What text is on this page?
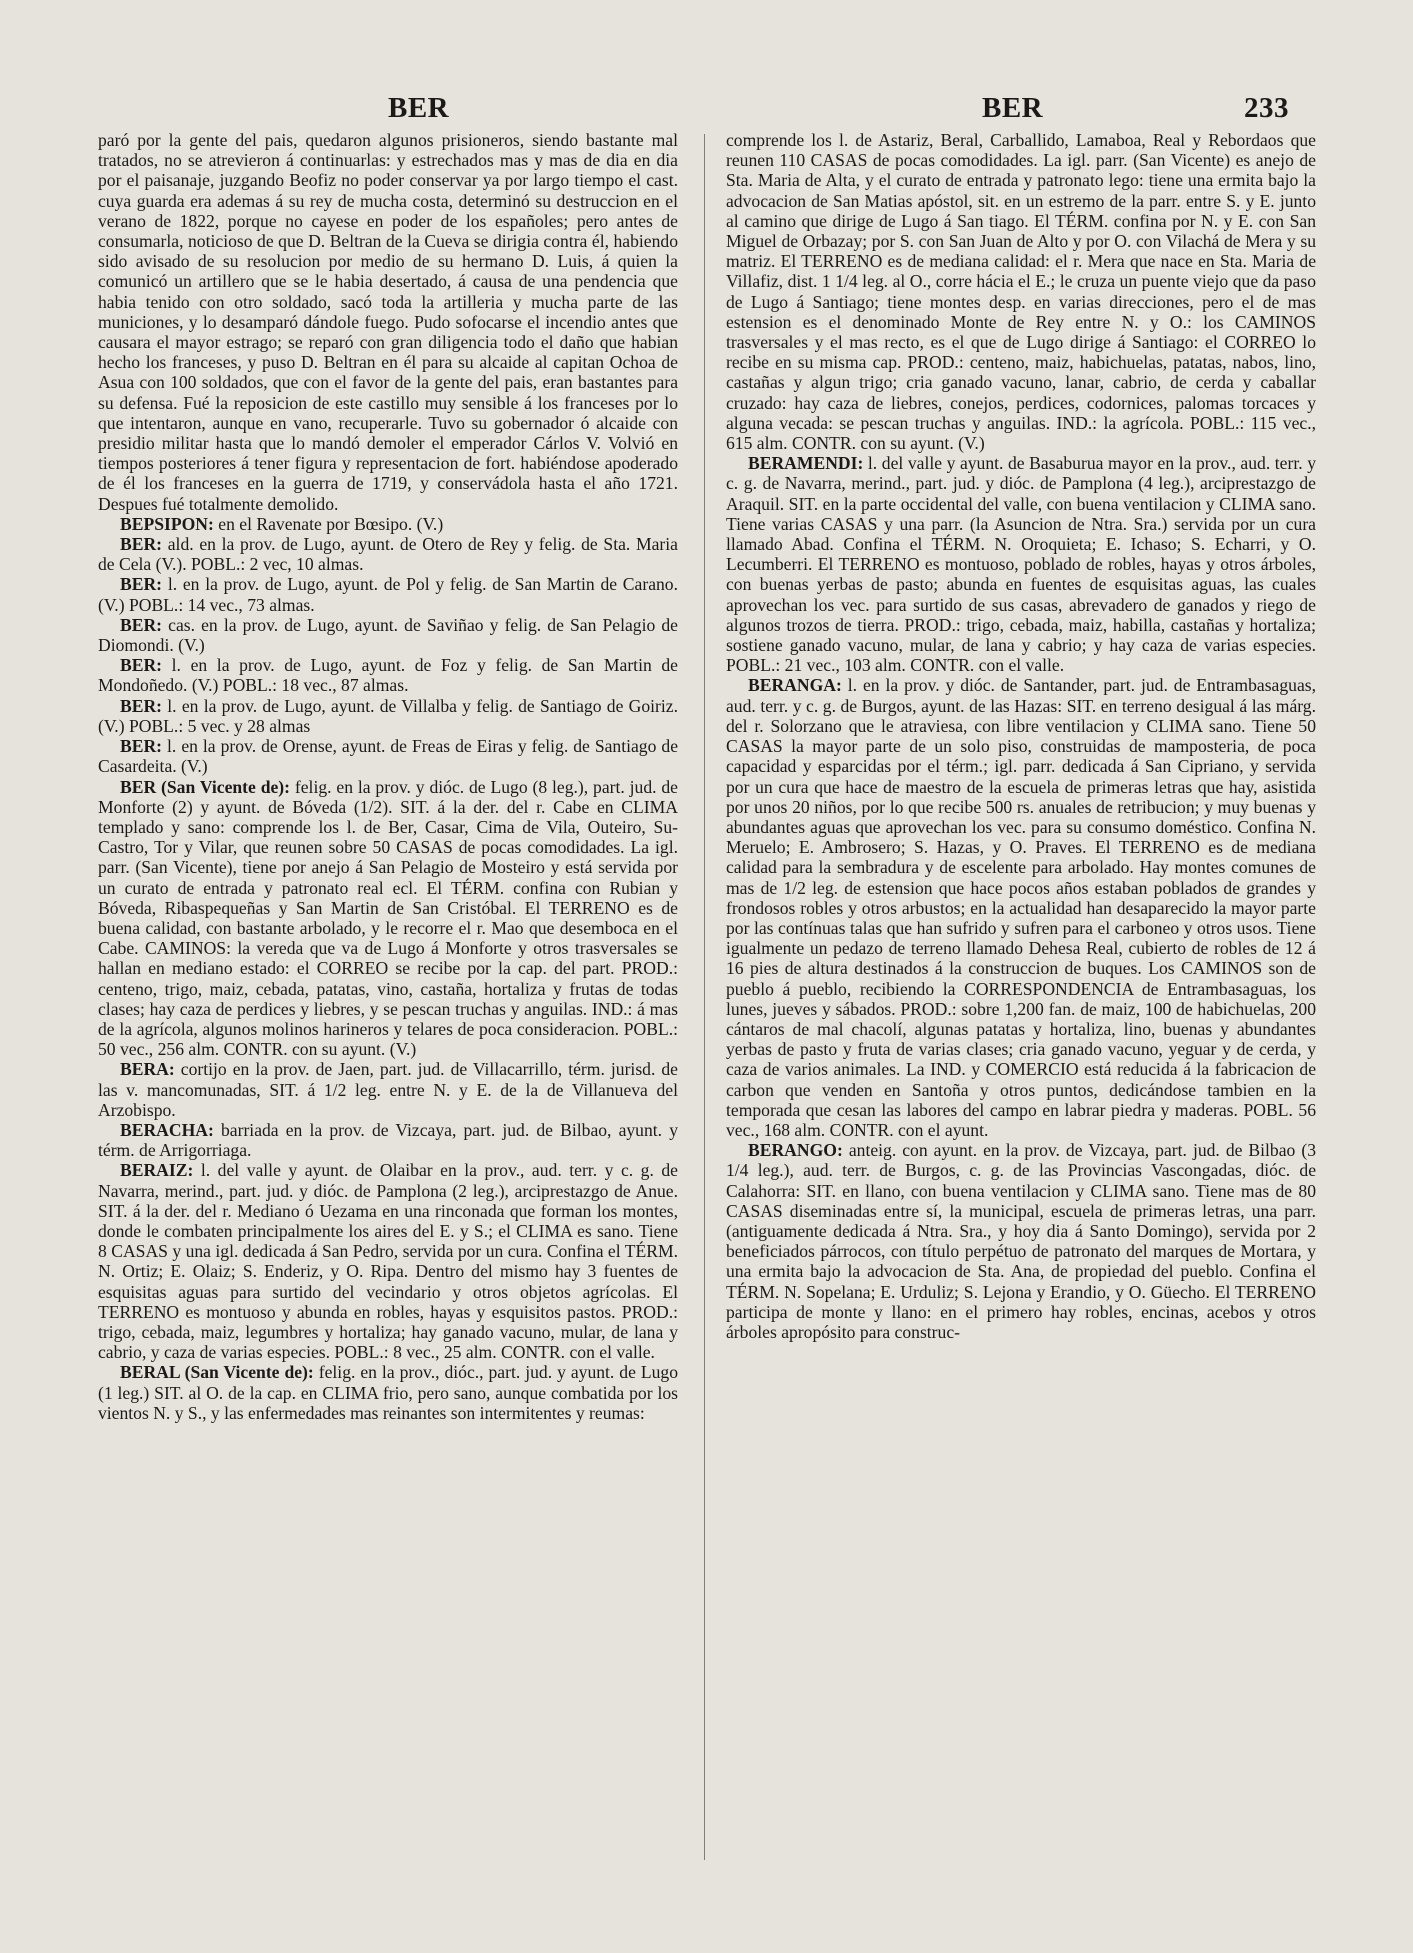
BER	BER	233

paró por la gente del pais, quedaron algunos prisioneros, siendo bastante mal tratados, no se atrevieron á continuarlas: y estrechados mas y mas de dia en dia por el paisanaje, juzgando Beofiz no poder conservar ya por largo tiempo el cast. cuya guarda era ademas á su rey de mucha costa, determinó su destruccion en el verano de 1822, porque no cayese en poder de los españoles; pero antes de consumarla, noticioso de que D. Beltran de la Cueva se dirigia contra él, habiendo sido avisado de su resolucion por medio de su hermano D. Luis, á quien la comunicó un artillero que se le habia desertado, á causa de una pendencia que habia tenido con otro soldado, sacó toda la artilleria y mucha parte de las municiones, y lo desamparó dándole fuego. Pudo sofocarse el incendio antes que causara el mayor estrago; se reparó con gran diligencia todo el daño que habian hecho los franceses, y puso D. Beltran en él para su alcaide al capitan Ochoa de Asua con 100 soldados, que con el favor de la gente del pais, eran bastantes para su defensa. Fué la reposicion de este castillo muy sensible á los franceses por lo que intentaron, aunque en vano, recuperarle. Tuvo su gobernador ó alcaide con presidio militar hasta que lo mandó demoler el emperador Cárlos V. Volvió en tiempos posteriores á tener figura y representacion de fort. habiéndose apoderado de él los franceses en la guerra de 1719, y conservádola hasta el año 1721. Despues fué totalmente demolido.

BEPSIPON: en el Ravenate por Bœsipo. (V.)

BER: ald. en la prov. de Lugo, ayunt. de Otero de Rey y felig. de Sta. Maria de Cela (V.). POBL.: 2 vec, 10 almas.

BER: l. en la prov. de Lugo, ayunt. de Pol y felig. de San Martin de Carano. (V.) POBL.: 14 vec., 73 almas.

BER: cas. en la prov. de Lugo, ayunt. de Saviñao y felig. de San Pelagio de Diomondi. (V.)

BER: l. en la prov. de Lugo, ayunt. de Foz y felig. de San Martin de Mondoñedo. (V.) POBL.: 18 vec., 87 almas.

BER: l. en la prov. de Lugo, ayunt. de Villalba y felig. de Santiago de Goiriz. (V.) POBL.: 5 vec. y 28 almas

BER: l. en la prov. de Orense, ayunt. de Freas de Eiras y felig. de Santiago de Casardeita. (V.)

BER (San Vicente de): felig. en la prov. y dióc. de Lugo (8 leg.), part. jud. de Monforte (2) y ayunt. de Bóveda (1/2). SIT. á la der. del r. Cabe en CLIMA templado y sano: comprende los l. de Ber, Casar, Cima de Vila, Outeiro, Su-Castro, Tor y Vilar, que reunen sobre 50 CASAS de pocas comodidades. La igl. parr. (San Vicente), tiene por anejo á San Pelagio de Mosteiro y está servida por un curato de entrada y patronato real ecl. El TÉRM. confina con Rubian y Bóveda, Ribaspequeñas y San Martin de San Cristóbal. El TERRENO es de buena calidad, con bastante arbolado, y le recorre el r. Mao que desemboca en el Cabe. CAMINOS: la vereda que va de Lugo á Monforte y otros trasversales se hallan en mediano estado: el CORREO se recibe por la cap. del part. PROD.: centeno, trigo, maiz, cebada, patatas, vino, castaña, hortaliza y frutas de todas clases; hay caza de perdices y liebres, y se pescan truchas y anguilas. IND.: á mas de la agrícola, algunos molinos harineros y telares de poca consideracion. POBL.: 50 vec., 256 alm. CONTR. con su ayunt. (V.)

BERA: cortijo en la prov. de Jaen, part. jud. de Villacarrillo, térm. jurisd. de las v. mancomunadas, SIT. á 1/2 leg. entre N. y E. de la de Villanueva del Arzobispo.

BERACHA: barriada en la prov. de Vizcaya, part. jud. de Bilbao, ayunt. y térm. de Arrigorriaga.

BERAIZ: l. del valle y ayunt. de Olaibar en la prov., aud. terr. y c. g. de Navarra, merind., part. jud. y dióc. de Pamplona (2 leg.), arciprestazgo de Anue. SIT. á la der. del r. Mediano ó Uezama en una rinconada que forman los montes, donde le combaten principalmente los aires del E. y S.; el CLIMA es sano. Tiene 8 CASAS y una igl. dedicada á San Pedro, servida por un cura. Confina el TÉRM. N. Ortiz; E. Olaiz; S. Enderiz, y O. Ripa. Dentro del mismo hay 3 fuentes de esquisitas aguas para surtido del vecindario y otros objetos agrícolas. El TERRENO es montuoso y abunda en robles, hayas y esquisitos pastos. PROD.: trigo, cebada, maiz, legumbres y hortaliza; hay ganado vacuno, mular, de lana y cabrio, y caza de varias especies. POBL.: 8 vec., 25 alm. CONTR. con el valle.

BERAL (San Vicente de): felig. en la prov., dióc., part. jud. y ayunt. de Lugo (1 leg.) SIT. al O. de la cap. en CLIMA frio, pero sano, aunque combatida por los vientos N. y S., y las enfermedades mas reinantes son intermitentes y reumas:

comprende los l. de Astariz, Beral, Carballido, Lamaboa, Real y Rebordaos que reunen 110 CASAS de pocas comodidades. La igl. parr. (San Vicente) es anejo de Sta. Maria de Alta, y el curato de entrada y patronato lego: tiene una ermita bajo la advocacion de San Matias apóstol, sit. en un estremo de la parr. entre S. y E. junto al camino que dirige de Lugo á San tiago. El TÉRM. confina por N. y E. con San Miguel de Orbazay; por S. con San Juan de Alto y por O. con Vilachá de Mera y su matriz. El TERRENO es de mediana calidad: el r. Mera que nace en Sta. Maria de Villafiz, dist. 1 1/4 leg. al O., corre hácia el E.; le cruza un puente viejo que da paso de Lugo á Santiago; tiene montes desp. en varias direcciones, pero el de mas estension es el denominado Monte de Rey entre N. y O.: los CAMINOS trasversales y el mas recto, es el que de Lugo dirige á Santiago: el CORREO lo recibe en su misma cap. PROD.: centeno, maiz, habichuelas, patatas, nabos, lino, castañas y algun trigo; cria ganado vacuno, lanar, cabrio, de cerda y caballar cruzado: hay caza de liebres, conejos, perdices, codornices, palomas torcaces y alguna vecada: se pescan truchas y anguilas. IND.: la agrícola. POBL.: 115 vec., 615 alm. CONTR. con su ayunt. (V.)

BERAMENDI: l. del valle y ayunt. de Basaburua mayor en la prov., aud. terr. y c. g. de Navarra, merind., part. jud. y dióc. de Pamplona (4 leg.), arciprestazgo de Araquil. SIT. en la parte occidental del valle, con buena ventilacion y CLIMA sano. Tiene varias CASAS y una parr. (la Asuncion de Ntra. Sra.) servida por un cura llamado Abad. Confina el TÉRM. N. Oroquieta; E. Ichaso; S. Echarri, y O. Lecumberri. El TERRENO es montuoso, poblado de robles, hayas y otros árboles, con buenas yerbas de pasto; abunda en fuentes de esquisitas aguas, las cuales aprovechan los vec. para surtido de sus casas, abrevadero de ganados y riego de algunos trozos de tierra. PROD.: trigo, cebada, maiz, habilla, castañas y hortaliza; sostiene ganado vacuno, mular, de lana y cabrio; y hay caza de varias especies. POBL.: 21 vec., 103 alm. CONTR. con el valle.

BERANGA: l. en la prov. y dióc. de Santander, part. jud. de Entrambasaguas, aud. terr. y c. g. de Burgos, ayunt. de las Hazas: SIT. en terreno desigual á las márg. del r. Solorzano que le atraviesa, con libre ventilacion y CLIMA sano. Tiene 50 CASAS la mayor parte de un solo piso, construidas de mamposteria, de poca capacidad y esparcidas por el térm.; igl. parr. dedicada á San Cipriano, y servida por un cura que hace de maestro de la escuela de primeras letras que hay, asistida por unos 20 niños, por lo que recibe 500 rs. anuales de retribucion; y muy buenas y abundantes aguas que aprovechan los vec. para su consumo doméstico. Confina N. Meruelo; E. Ambrosero; S. Hazas, y O. Praves. El TERRENO es de mediana calidad para la sembradura y de escelente para arbolado. Hay montes comunes de mas de 1/2 leg. de estension que hace pocos años estaban poblados de grandes y frondosos robles y otros arbustos; en la actualidad han desaparecido la mayor parte por las contínuas talas que han sufrido y sufren para el carboneo y otros usos. Tiene igualmente un pedazo de terreno llamado Dehesa Real, cubierto de robles de 12 á 16 pies de altura destinados á la construccion de buques. Los CAMINOS son de pueblo á pueblo, recibiendo la CORRESPONDENCIA de Entrambasaguas, los lunes, jueves y sábados. PROD.: sobre 1,200 fan. de maiz, 100 de habichuelas, 200 cántaros de mal chacolí, algunas patatas y hortaliza, lino, buenas y abundantes yerbas de pasto y fruta de varias clases; cria ganado vacuno, yeguar y de cerda, y caza de varios animales. La IND. y COMERCIO está reducida á la fabricacion de carbon que venden en Santoña y otros puntos, dedicándose tambien en la temporada que cesan las labores del campo en labrar piedra y maderas. POBL. 56 vec., 168 alm. CONTR. con el ayunt.

BERANGO: anteig. con ayunt. en la prov. de Vizcaya, part. jud. de Bilbao (3 1/4 leg.), aud. terr. de Burgos, c. g. de las Provincias Vascongadas, dióc. de Calahorra: SIT. en llano, con buena ventilacion y CLIMA sano. Tiene mas de 80 CASAS diseminadas entre sí, la municipal, escuela de primeras letras, una parr. (antiguamente dedicada á Ntra. Sra., y hoy dia á Santo Domingo), servida por 2 beneficiados párrocos, con título perpétuo de patronato del marques de Mortara, y una ermita bajo la advocacion de Sta. Ana, de propiedad del pueblo. Confina el TÉRM. N. Sopelana; E. Urduliz; S. Lejona y Erandio, y O. Güecho. El TERRENO participa de monte y llano: en el primero hay robles, encinas, acebos y otros árboles apropósito para construc-
